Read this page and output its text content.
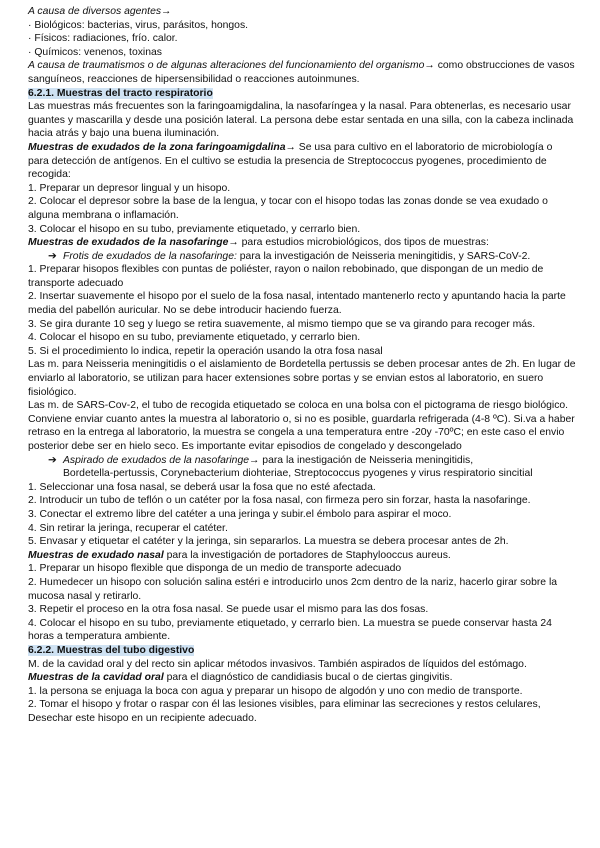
A causa de diversos agentes→

· Biológicos: bacterias, virus, parásitos, hongos.

· Físicos: radiaciones, frío. calor.

· Químicos: venenos, toxinas

A causa de traumatismos o de algunas alteraciones del funcionamiento del organismo→ como obstrucciones de vasos sanguíneos, reacciones de hipersensibilidad o reacciones autoinmunes.

6.2.1. Muestras del tracto respiratorio

Las muestras más frecuentes son la faringoamigdalina, la nasofaríngea y la nasal. Para obtenerlas, es necesario usar guantes y mascarilla y desde una posición lateral. La persona debe estar sentada en una silla, con la cabeza inclinada hacia atrás y bajo una buena iluminación.

Muestras de exudados de la zona faringoamigdalina→ Se usa para cultivo en el laboratorio de microbiología o para detección de antígenos. En el cultivo se estudia la presencia de Streptococcus pyogenes, procedimiento de recogida:

1. Preparar un depresor lingual y un hisopo.

2. Colocar el depresor sobre la base de la lengua, y tocar con el hisopo todas las zonas donde se vea exudado o alguna membrana o inflamación.

3. Colocar el hisopo en su tubo, previamente etiquetado, y cerrarlo bien.

Muestras de exudados de la nasofaringe→ para estudios microbiológicos, dos tipos de muestras:

➔ Frotis de exudados de la nasofaringe: para la investigación de Neisseria meningitidis, y SARS-CoV-2.

1. Preparar hisopos flexibles con puntas de poliéster, rayon o nailon rebobinado, que dispongan de un medio de transporte adecuado

2. Insertar suavemente el hisopo por el suelo de la fosa nasal, intentado mantenerlo recto y apuntando hacia la parte media del pabellón auricular. No se debe introducir haciendo fuerza.

3. Se gira durante 10 seg y luego se retira suavemente, al mismo tiempo que se va girando para recoger más.

4. Colocar el hisopo en su tubo, previamente etiquetado, y cerrarlo bien.

5. Si el procedimiento lo indica, repetir la operación usando la otra fosa nasal

Las m. para Neisseria meningitidis o el aislamiento de Bordetella pertussis se deben procesar antes de 2h. En lugar de enviarlo al laboratorio, se utilizan para hacer extensiones sobre portas y se envian estos al laboratorio, en suero fisiológico.

Las m. de SARS-Cov-2, el tubo de recogida etiquetado se coloca en una bolsa con el pictograma de riesgo biológico. Conviene enviar cuanto antes la muestra al laboratorio o, si no es posible, guardarla refrigerada (4-8 ºC). Si.va a haber retraso en la entrega al laboratorio, la muestra se congela a una temperatura entre -20y -70ºC; en este caso el envio posterior debe ser en hielo seco. Es importante evitar episodios de congelado y descongelado

➔ Aspirado de exudados de la nasofaringe→ para la inestigación de Neisseria meningitidis,

Bordetella-pertussis, Corynebacterium diohteriae, Streptococcus pyogenes y virus respiratorio sincitial

1. Seleccionar una fosa nasal, se deberá usar la fosa que no esté afectada.

2. Introducir un tubo de teflón o un catéter por la fosa nasal, con firmeza pero sin forzar, hasta la nasofaringe.

3. Conectar el extremo libre del catéter a una jeringa y subir.el émbolo para aspirar el moco.

4. Sin retirar la jeringa, recuperar el catéter.

5. Envasar y etiquetar el catéter y la jeringa, sin separarlos. La muestra se debera procesar antes de 2h.

Muestras de exudado nasal para la investigación de portadores de Staphylooccus aureus.

1. Preparar un hisopo flexible que disponga de un medio de transporte adecuado

2. Humedecer un hisopo con solución salina estéri e introducirlo unos 2cm dentro de la nariz, hacerlo girar sobre la mucosa nasal y retirarlo.

3. Repetir el proceso en la otra fosa nasal. Se puede usar el mismo para las dos fosas.

4. Colocar el hisopo en su tubo, previamente etiquetado, y cerrarlo bien. La muestra se puede conservar hasta 24 horas a temperatura ambiente.

6.2.2. Muestras del tubo digestivo

M. de la cavidad oral y del recto sin aplicar métodos invasivos. También aspirados de líquidos del estómago.

Muestras de la cavidad oral para el diagnóstico de candidiasis bucal o de ciertas gingivitis.

1. la persona se enjuaga la boca con agua y preparar un hisopo de algodón y uno con medio de transporte.

2. Tomar el hisopo y frotar o raspar con él las lesiones visibles, para eliminar las secreciones y restos celulares, Desechar este hisopo en un recipiente adecuado.
